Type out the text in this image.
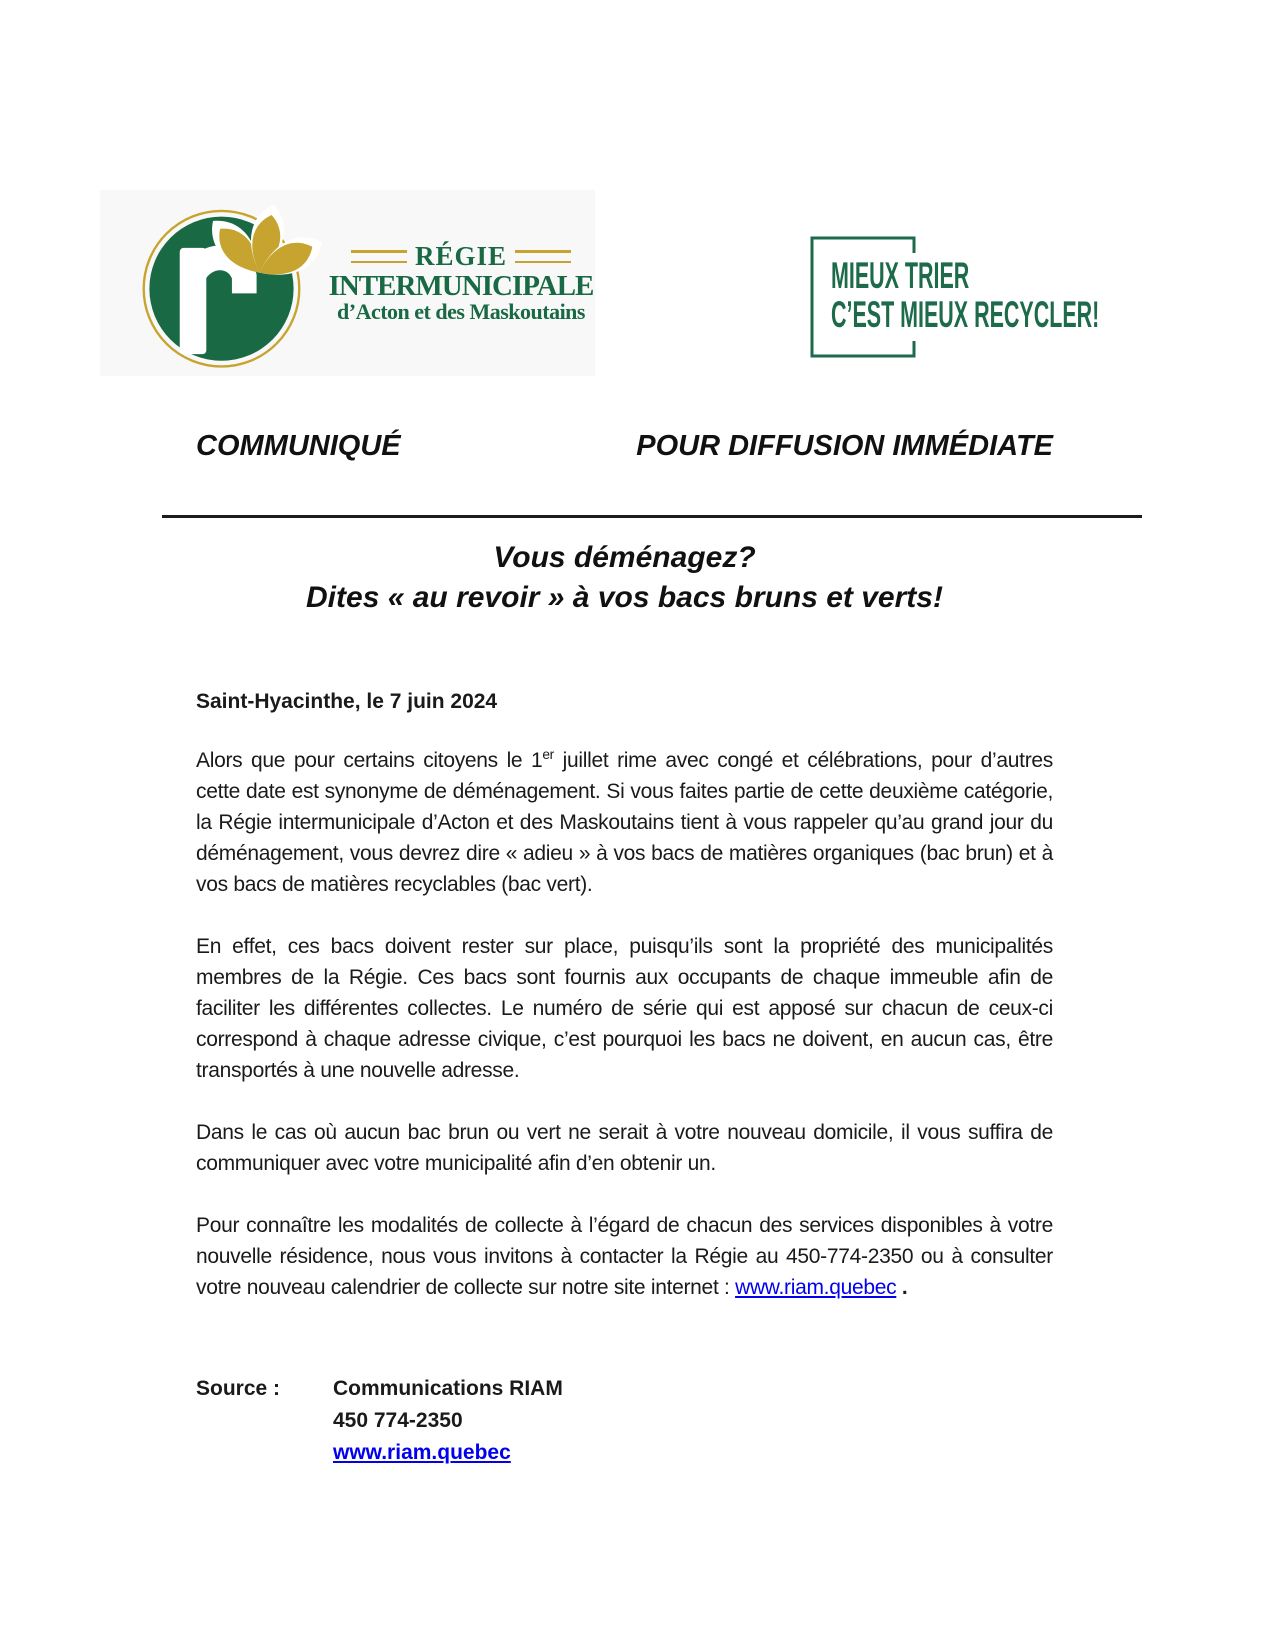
RÉGIE
INTERMUNICIPALE
d’Acton et des Maskoutains
MIEUX TRIER
C’EST MIEUX RECYCLER!
COMMUNIQUÉ	POUR DIFFUSION IMMÉDIATE
Vous déménagez?
Dites « au revoir » à vos bacs bruns et verts!
Saint-Hyacinthe, le 7 juin 2024

Alors que pour certains citoyens le 1er juillet rime avec congé et célébrations, pour d’autres cette date est synonyme de déménagement. Si vous faites partie de cette deuxième catégorie, la Régie intermunicipale d’Acton et des Maskoutains tient à vous rappeler qu’au grand jour du déménagement, vous devrez dire « adieu » à vos bacs de matières organiques (bac brun) et à vos bacs de matières recyclables (bac vert).

En effet, ces bacs doivent rester sur place, puisqu’ils sont la propriété des municipalités membres de la Régie. Ces bacs sont fournis aux occupants de chaque immeuble afin de faciliter les différentes collectes. Le numéro de série qui est apposé sur chacun de ceux-ci correspond à chaque adresse civique, c’est pourquoi les bacs ne doivent, en aucun cas, être transportés à une nouvelle adresse.

Dans le cas où aucun bac brun ou vert ne serait à votre nouveau domicile, il vous suffira de communiquer avec votre municipalité afin d’en obtenir un.

Pour connaître les modalités de collecte à l’égard de chacun des services disponibles à votre nouvelle résidence, nous vous invitons à contacter la Régie au 450-774-2350 ou à consulter votre nouveau calendrier de collecte sur notre site internet : www.riam.quebec .

Source :	Communications RIAM
450 774-2350
www.riam.quebec
